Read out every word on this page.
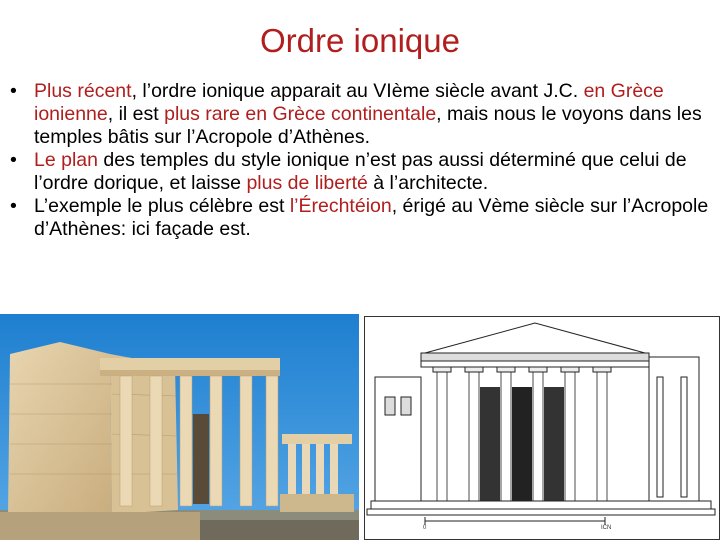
Ordre ionique
• Plus récent, l’ordre ionique apparait au VIème siècle avant J.C. en Grèce ionienne, il est plus rare en Grèce continentale, mais nous le voyons dans les temples bâtis sur l’Acropole d’Athènes.
• Le plan des temples du style ionique n’est pas aussi déterminé que celui de l’ordre dorique, et laisse plus de liberté à l’architecte.
• L’exemple le plus célèbre est l’Érechtéion, érigé au Vème siècle sur l’Acropole d’Athènes: ici façade est.
0	ICN
